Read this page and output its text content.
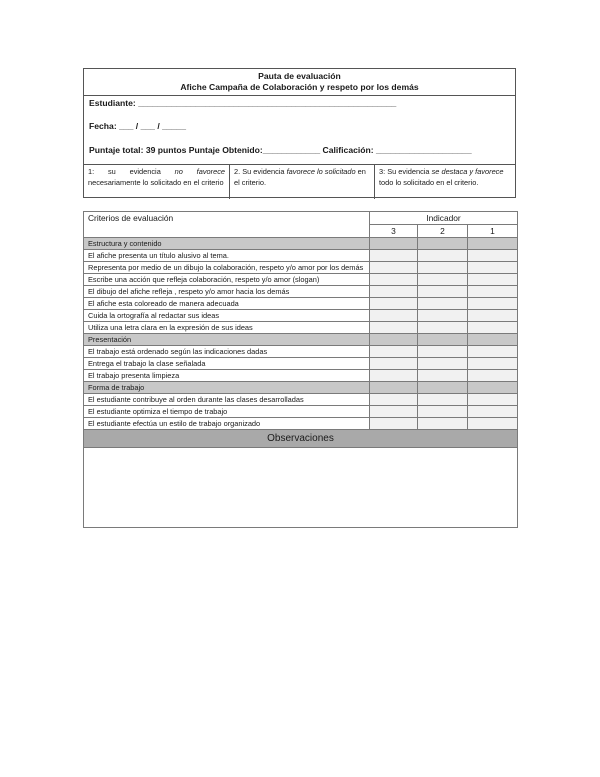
Pauta de evaluación
Afiche Campaña de Colaboración y respeto por los demás
Estudiante: ______________________________________________________
Fecha: ___ / ___ / _____
Puntaje total: 39 puntos Puntaje Obtenido:____________ Calificación: ____________________
1: su evidencia no favorece necesariamente lo solicitado en el criterio
2. Su evidencia favorece lo solicitado en el criterio.
3: Su evidencia se destaca y favorece todo lo solicitado en el criterio.
Criterios de evaluación	Indicador		
	3	2	1
Estructura y contenido			
El afiche presenta un título alusivo al tema.			
Representa por medio de un dibujo la colaboración, respeto y/o amor por los demás			
Escribe una acción que refleja colaboración, respeto y/o amor (slogan)			
El dibujo del afiche refleja , respeto y/o amor hacia los demás			
El afiche esta coloreado de manera adecuada			
Cuida la ortografía al redactar sus ideas			
Utiliza una letra clara en la expresión de sus ideas			
Presentación			
El trabajo está ordenado según las indicaciones dadas			
Entrega el trabajo la clase señalada			
El trabajo presenta limpieza			
Forma de trabajo			
El estudiante contribuye al orden durante las clases desarrolladas			
El estudiante optimiza el tiempo de trabajo			
El estudiante efectúa un estilo de trabajo organizado			
Observaciones			
